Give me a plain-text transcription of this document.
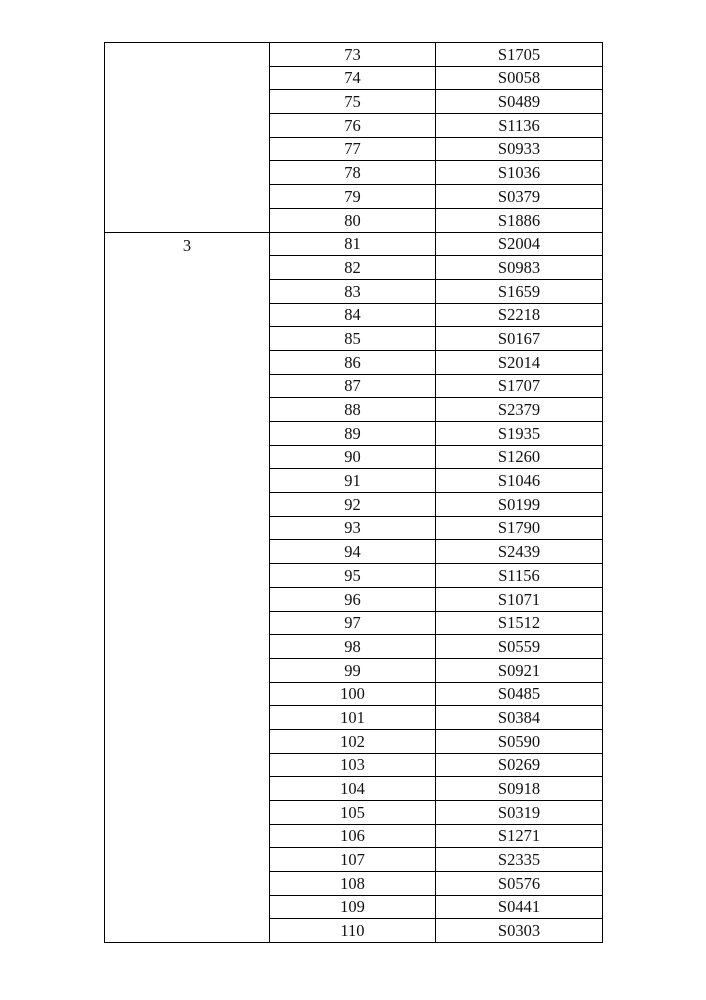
	73	S1705
	74	S0058
	75	S0489
	76	S1136
	77	S0933
	78	S1036
	79	S0379
	80	S1886
3	81	S2004
	82	S0983
	83	S1659
	84	S2218
	85	S0167
	86	S2014
	87	S1707
	88	S2379
	89	S1935
	90	S1260
	91	S1046
	92	S0199
	93	S1790
	94	S2439
	95	S1156
	96	S1071
	97	S1512
	98	S0559
	99	S0921
	100	S0485
	101	S0384
	102	S0590
	103	S0269
	104	S0918
	105	S0319
	106	S1271
	107	S2335
	108	S0576
	109	S0441
	110	S0303
